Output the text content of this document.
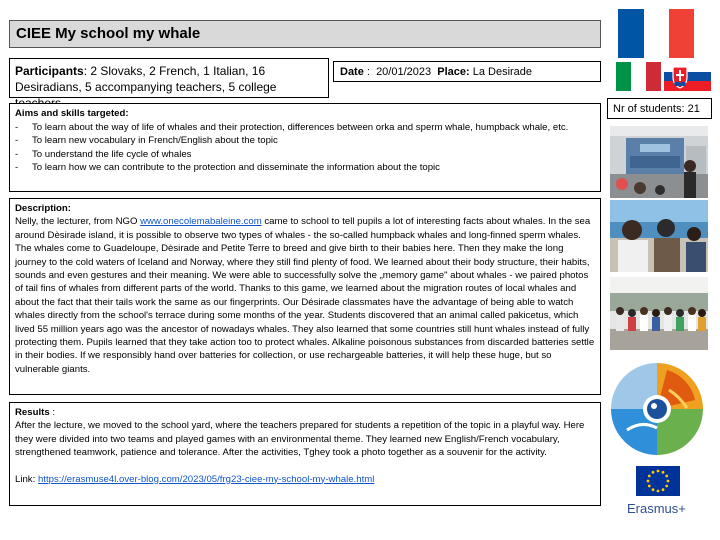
CIEE My school my whale
Participants: 2 Slovaks, 2 French, 1 Italian, 16 Desiradians, 5 accompanying teachers, 5 college
Date :  20/01/2023  Place: La Desirade
Nr of students: 21
Aims and skills targeted:
- To learn about the way of life of whales and their protection, differences between orka and sperm whale, humpback whale, etc.
- To learn new vocabulary in French/English about the topic
- To understand the life cycle of whales
- To learn how we can contribute to the protection and disseminate the information about the topic
Description:
Nelly, the lecturer, from NGO www.onecolemabaleine.com came to school to tell pupils a lot of interesting facts about whales. In the sea around Dèsirade island, it is possible to observe two types of whales - the so-called humpback whales and long-finned sperm whales. The whales come to Guadeloupe, Dèsirade and Petite Terre to breed and give birth to their babies here. Then they make the long journey to the cold waters of Iceland and Norway, where they still find plenty of food. We learned about their body structure, their habits, sounds and even gestures and their meaning. We were able to successfully solve the „memory game" about whales - we paired photos of tail fins of whales from different parts of the world. Thanks to this game, we learned about the migration routes of local whales and about the fact that their tails work the same as our fingerprints. Our Désirade classmates have the advantage of being able to watch whales directly from the school's terrace during some months of the year. Students discovered that an animal called pakicetus, which lived 55 million years ago was the ancestor of nowadays whales. They also learned that some countries still hunt whales instead of fully protecting them. Pupils learned that they take action too to protect whales. Alkaline poisonous substances from discarded batteries settle in their bodies. If we responsibly hand over batteries for collection, or use rechargeable batteries, it will help these huge, but so vulnerable giants.
Results :
After the lecture, we moved to the school yard, where the teachers prepared for students a repetition of the topic in a playful way. Here they were divided into two teams and played games with an environmental theme. They learned new English/French vocabulary, strengthened teamwork, patience and tolerance. After the activities, Tghey took a photo together as a souvenir for the activity.
Link: https://erasmuse4l.over-blog.com/2023/05/frg23-ciee-my-school-my-whale.html
Erasmus+
